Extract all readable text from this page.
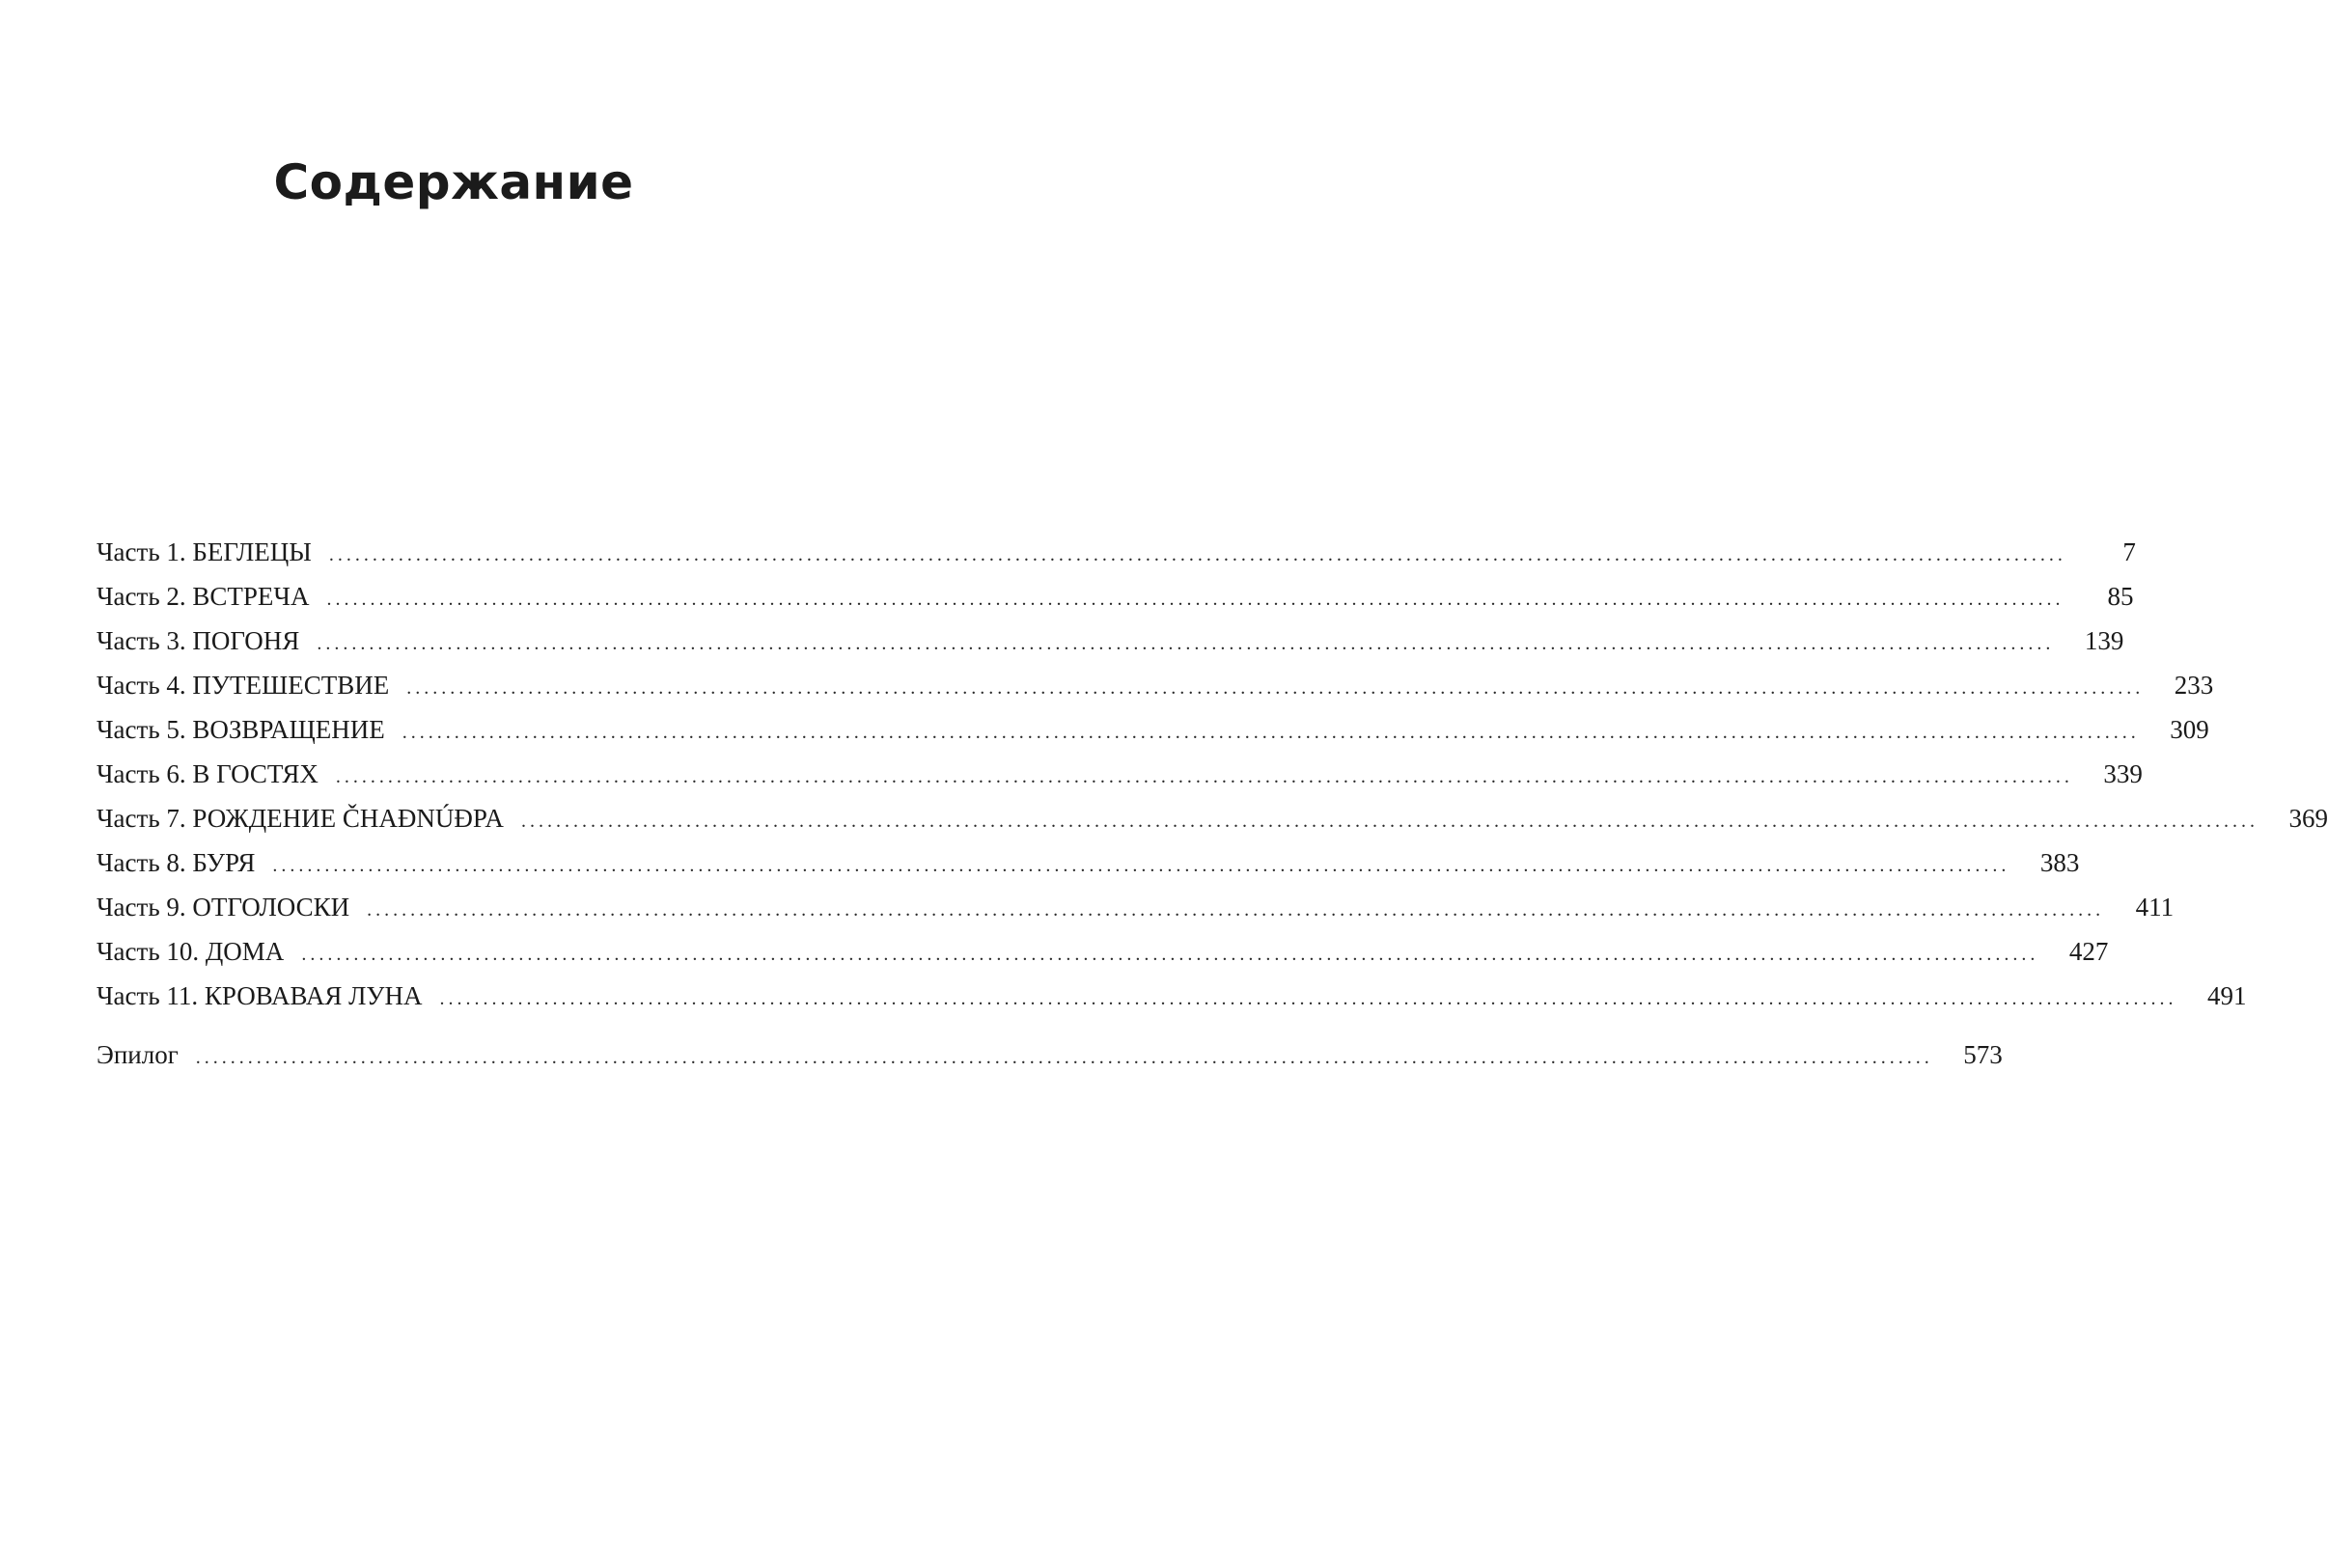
Содержание
Часть 1. БЕГЛЕЦЫ ........................................................................................................................................................................................................	7
Часть 2. ВСТРЕЧА ........................................................................................................................................................................................................	85
Часть 3. ПОГОНЯ ........................................................................................................................................................................................................	139
Часть 4. ПУТЕШЕСТВИЕ ........................................................................................................................................................................................................	233
Часть 5. ВОЗВРАЩЕНИЕ ........................................................................................................................................................................................................	309
Часть 6. В ГОСТЯХ ........................................................................................................................................................................................................	339
Часть 7. РОЖДЕНИЕ ČHAĐNÚĐPA ........................................................................................................................................................................................................	369
Часть 8. БУРЯ ........................................................................................................................................................................................................	383
Часть 9. ОТГОЛОСКИ ........................................................................................................................................................................................................	411
Часть 10. ДОМА ........................................................................................................................................................................................................	427
Часть 11. КРОВАВАЯ ЛУНА ........................................................................................................................................................................................................	491
Эпилог ........................................................................................................................................................................................................	573
